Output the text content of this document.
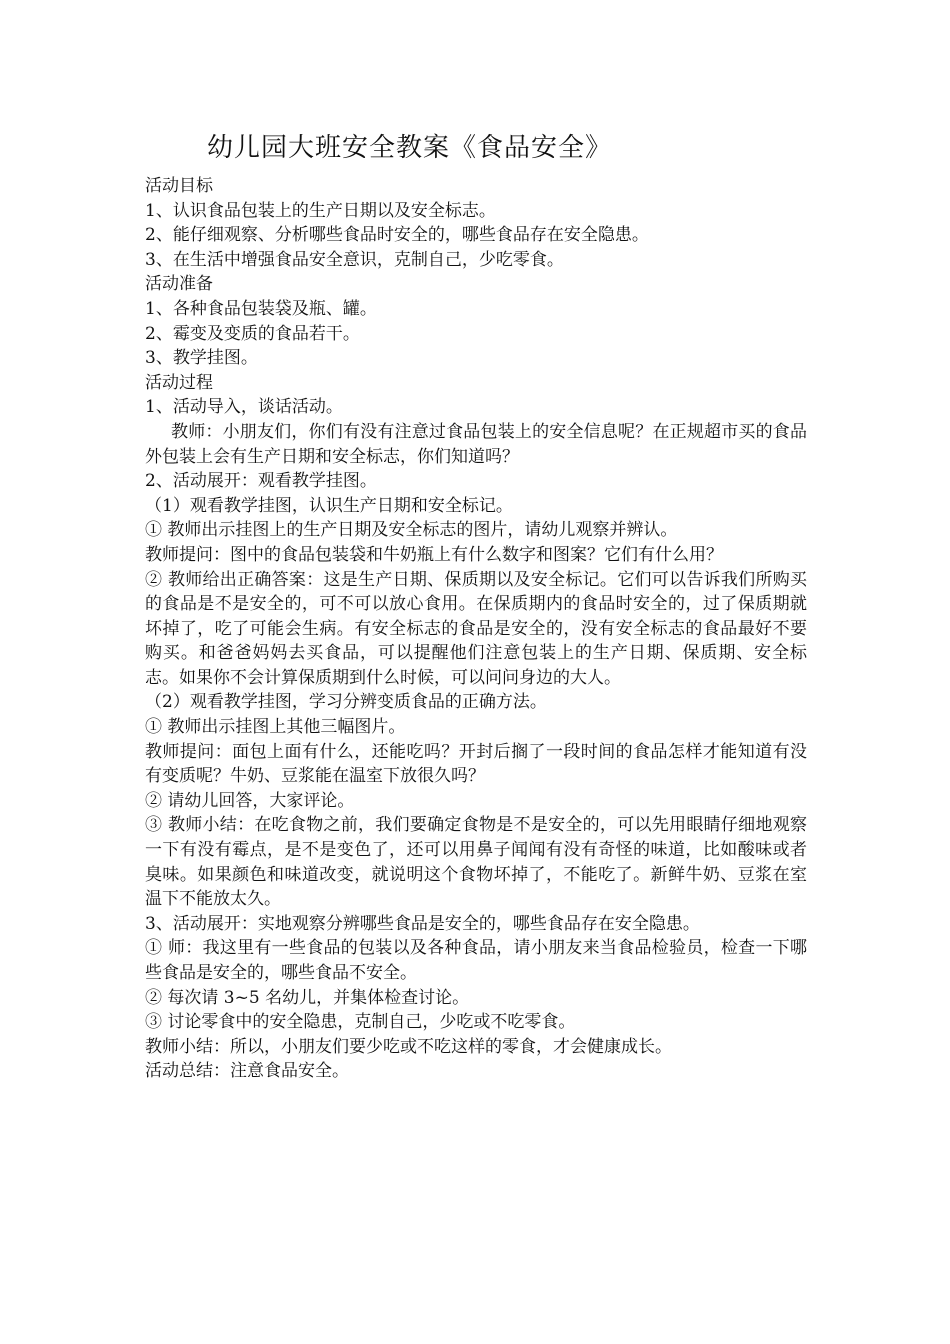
幼儿园大班安全教案《食品安全》

活动目标

1、认识食品包装上的生产日期以及安全标志。

2、能仔细观察、分析哪些食品时安全的，哪些食品存在安全隐患。

3、在生活中增强食品安全意识，克制自己，少吃零食。

活动准备

1、各种食品包装袋及瓶、罐。

2、霉变及变质的食品若干。

3、教学挂图。

活动过程

1、活动导入，谈话活动。

教师：小朋友们，你们有没有注意过食品包装上的安全信息呢？在正规超市买的食品外包装上会有生产日期和安全标志，你们知道吗？

2、活动展开：观看教学挂图。

（1）观看教学挂图，认识生产日期和安全标记。

① 教师出示挂图上的生产日期及安全标志的图片，请幼儿观察并辨认。

教师提问：图中的食品包装袋和牛奶瓶上有什么数字和图案？它们有什么用？

② 教师给出正确答案：这是生产日期、保质期以及安全标记。它们可以告诉我们所购买的食品是不是安全的，可不可以放心食用。在保质期内的食品时安全的，过了保质期就坏掉了，吃了可能会生病。有安全标志的食品是安全的，没有安全标志的食品最好不要购买。和爸爸妈妈去买食品，可以提醒他们注意包装上的生产日期、保质期、安全标志。如果你不会计算保质期到什么时候，可以问问身边的大人。

（2）观看教学挂图，学习分辨变质食品的正确方法。

① 教师出示挂图上其他三幅图片。

教师提问：面包上面有什么，还能吃吗？开封后搁了一段时间的食品怎样才能知道有没有变质呢？牛奶、豆浆能在温室下放很久吗？

② 请幼儿回答，大家评论。

③ 教师小结：在吃食物之前，我们要确定食物是不是安全的，可以先用眼睛仔细地观察一下有没有霉点，是不是变色了，还可以用鼻子闻闻有没有奇怪的味道，比如酸味或者臭味。如果颜色和味道改变，就说明这个食物坏掉了，不能吃了。新鲜牛奶、豆浆在室温下不能放太久。

3、活动展开：实地观察分辨哪些食品是安全的，哪些食品存在安全隐患。

① 师：我这里有一些食品的包装以及各种食品，请小朋友来当食品检验员，检查一下哪些食品是安全的，哪些食品不安全。

② 每次请 3~5 名幼儿，并集体检查讨论。

③ 讨论零食中的安全隐患，克制自己，少吃或不吃零食。

教师小结：所以，小朋友们要少吃或不吃这样的零食，才会健康成长。

活动总结：注意食品安全。
